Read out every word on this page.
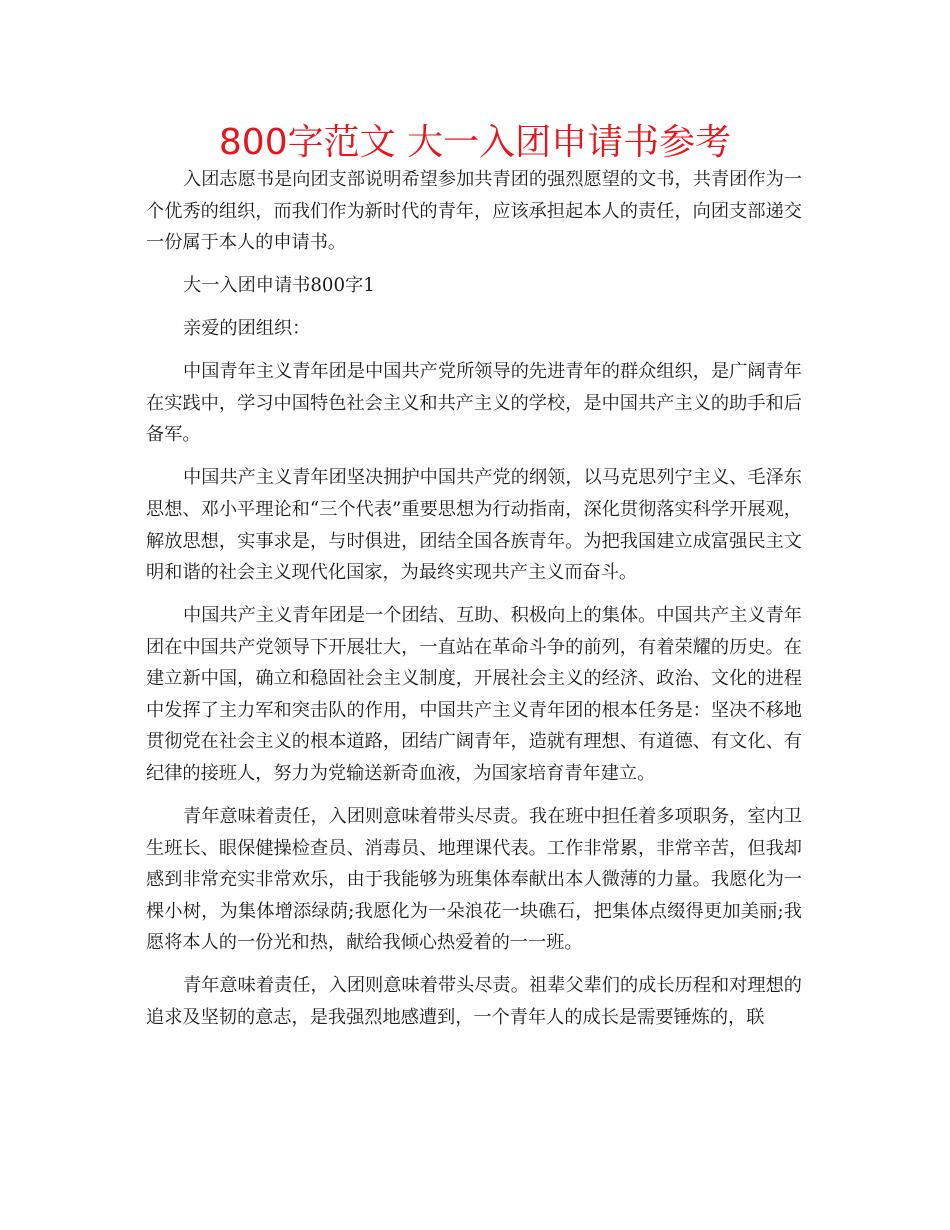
800字范文 大一入团申请书参考

入团志愿书是向团支部说明希望参加共青团的强烈愿望的文书，共青团作为一个优秀的组织，而我们作为新时代的青年，应该承担起本人的责任，向团支部递交一份属于本人的申请书。

大一入团申请书800字1

亲爱的团组织：

中国青年主义青年团是中国共产党所领导的先进青年的群众组织，是广阔青年在实践中，学习中国特色社会主义和共产主义的学校，是中国共产主义的助手和后备军。

中国共产主义青年团坚决拥护中国共产党的纲领，以马克思列宁主义、毛泽东思想、邓小平理论和“三个代表”重要思想为行动指南，深化贯彻落实科学开展观，解放思想，实事求是，与时俱进，团结全国各族青年。为把我国建立成富强民主文明和谐的社会主义现代化国家，为最终实现共产主义而奋斗。

中国共产主义青年团是一个团结、互助、积极向上的集体。中国共产主义青年团在中国共产党领导下开展壮大，一直站在革命斗争的前列，有着荣耀的历史。在建立新中国，确立和稳固社会主义制度，开展社会主义的经济、政治、文化的进程中发挥了主力军和突击队的作用，中国共产主义青年团的根本任务是：坚决不移地贯彻党在社会主义的根本道路，团结广阔青年，造就有理想、有道德、有文化、有纪律的接班人，努力为党输送新奇血液，为国家培育青年建立。

青年意味着责任，入团则意味着带头尽责。我在班中担任着多项职务，室内卫生班长、眼保健操检查员、消毒员、地理课代表。工作非常累，非常辛苦，但我却感到非常充实非常欢乐，由于我能够为班集体奉献出本人微薄的力量。我愿化为一棵小树，为集体增添绿荫;我愿化为一朵浪花一块礁石，把集体点缀得更加美丽;我愿将本人的一份光和热，献给我倾心热爱着的一一班。

青年意味着责任，入团则意味着带头尽责。祖辈父辈们的成长历程和对理想的追求及坚韧的意志，是我强烈地感遭到，一个青年人的成长是需要锤炼的，联
